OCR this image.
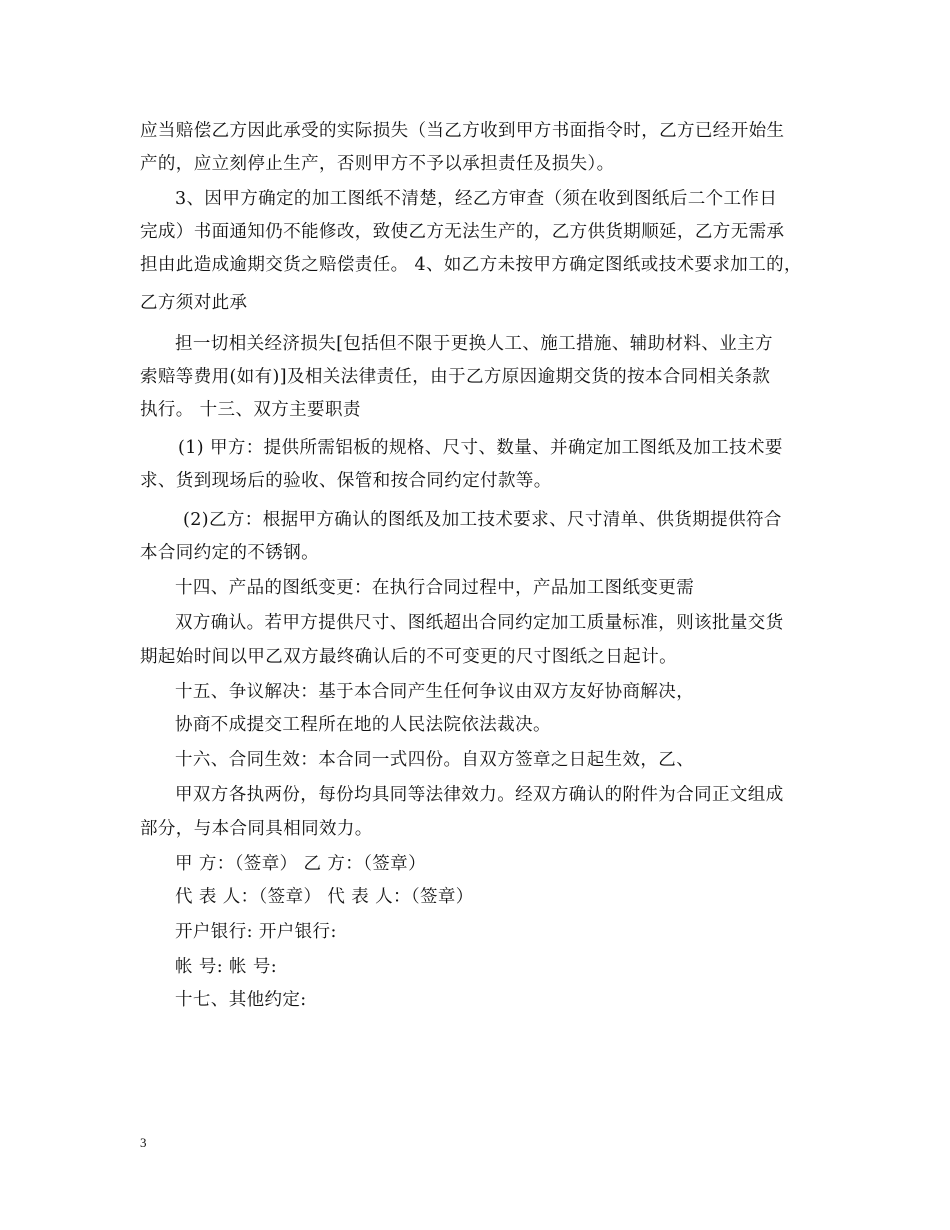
应当赔偿乙方因此承受的实际损失（当乙方收到甲方书面指令时，乙方已经开始生
产的，应立刻停止生产，否则甲方不予以承担责任及损失）。
3、因甲方确定的加工图纸不清楚，经乙方审查（须在收到图纸后二个工作日
完成）书面通知仍不能修改，致使乙方无法生产的，乙方供货期顺延，乙方无需承
担由此造成逾期交货之赔偿责任。 4、如乙方未按甲方确定图纸或技术要求加工的，
乙方须对此承
担一切相关经济损失[包括但不限于更换人工、施工措施、辅助材料、业主方
索赔等费用(如有)]及相关法律责任，由于乙方原因逾期交货的按本合同相关条款
执行。 十三、双方主要职责
(1) 甲方：提供所需铝板的规格、尺寸、数量、并确定加工图纸及加工技术要
求、货到现场后的验收、保管和按合同约定付款等。
(2)乙方：根据甲方确认的图纸及加工技术要求、尺寸清单、供货期提供符合
本合同约定的不锈钢。
十四、产品的图纸变更：在执行合同过程中，产品加工图纸变更需
双方确认。若甲方提供尺寸、图纸超出合同约定加工质量标准，则该批量交货
期起始时间以甲乙双方最终确认后的不可变更的尺寸图纸之日起计。
十五、争议解决：基于本合同产生任何争议由双方友好协商解决，
协商不成提交工程所在地的人民法院依法裁决。
十六、合同生效：本合同一式四份。自双方签章之日起生效，乙、
甲双方各执两份，每份均具同等法律效力。经双方确认的附件为合同正文组成
部分，与本合同具相同效力。
甲 方：（签章） 乙 方：（签章）
代 表 人：（签章） 代 表 人：（签章）
开户银行: 开户银行:
帐 号: 帐 号:
十七、其他约定:
3
